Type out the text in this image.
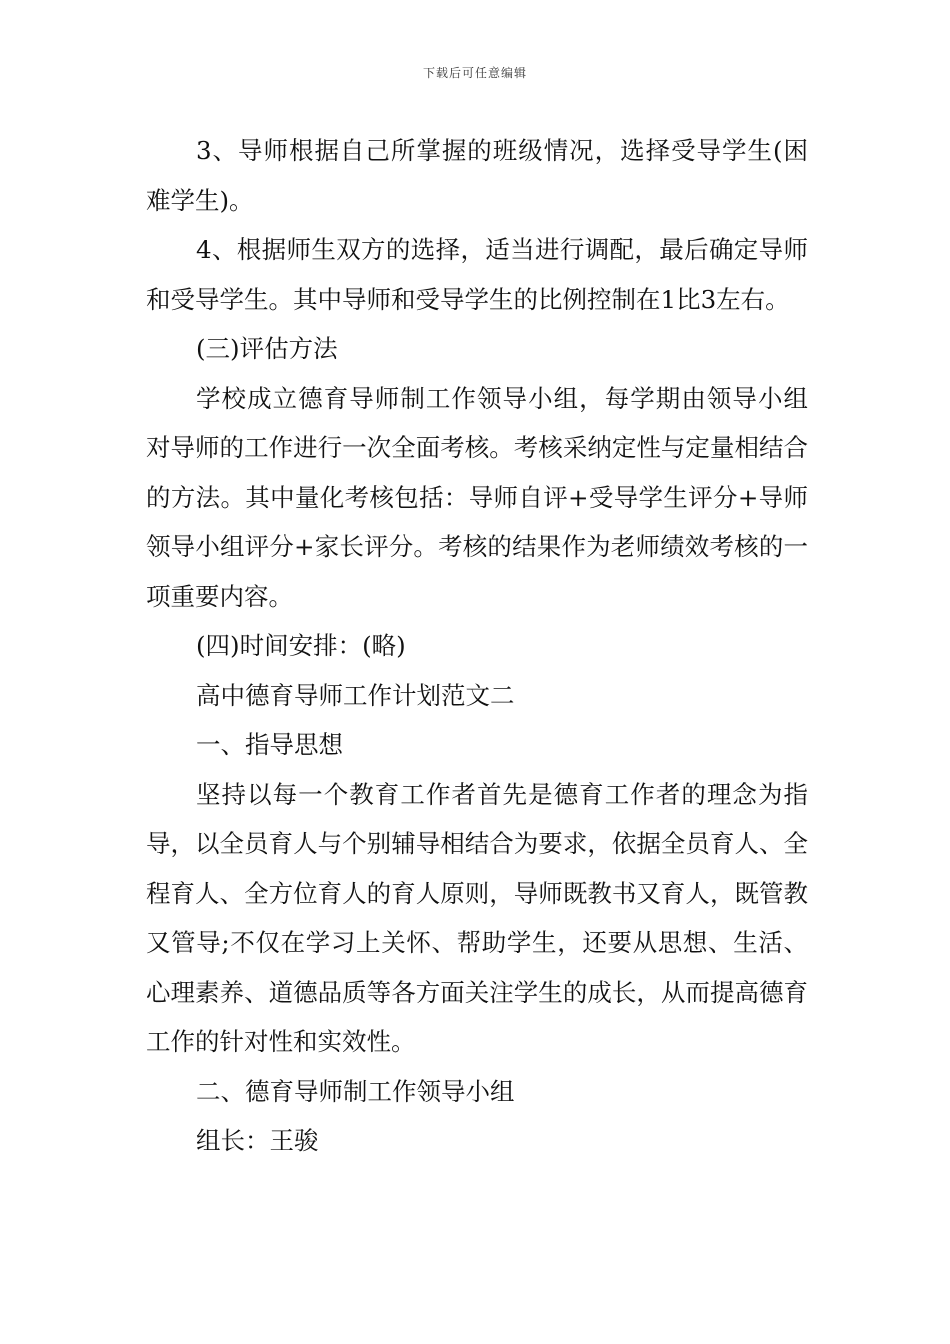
下载后可任意编辑

3、导师根据自己所掌握的班级情况，选择受导学生(困难学生)。

4、根据师生双方的选择，适当进行调配，最后确定导师和受导学生。其中导师和受导学生的比例控制在1比3左右。

(三)评估方法

学校成立德育导师制工作领导小组，每学期由领导小组对导师的工作进行一次全面考核。考核采纳定性与定量相结合的方法。其中量化考核包括：导师自评+受导学生评分+导师领导小组评分+家长评分。考核的结果作为老师绩效考核的一项重要内容。

(四)时间安排：(略)

高中德育导师工作计划范文二

一、指导思想

坚持以每一个教育工作者首先是德育工作者的理念为指导，以全员育人与个别辅导相结合为要求，依据全员育人、全程育人、全方位育人的育人原则，导师既教书又育人，既管教又管导;不仅在学习上关怀、帮助学生，还要从思想、生活、心理素养、道德品质等各方面关注学生的成长，从而提高德育工作的针对性和实效性。

二、德育导师制工作领导小组

组长：王骏
